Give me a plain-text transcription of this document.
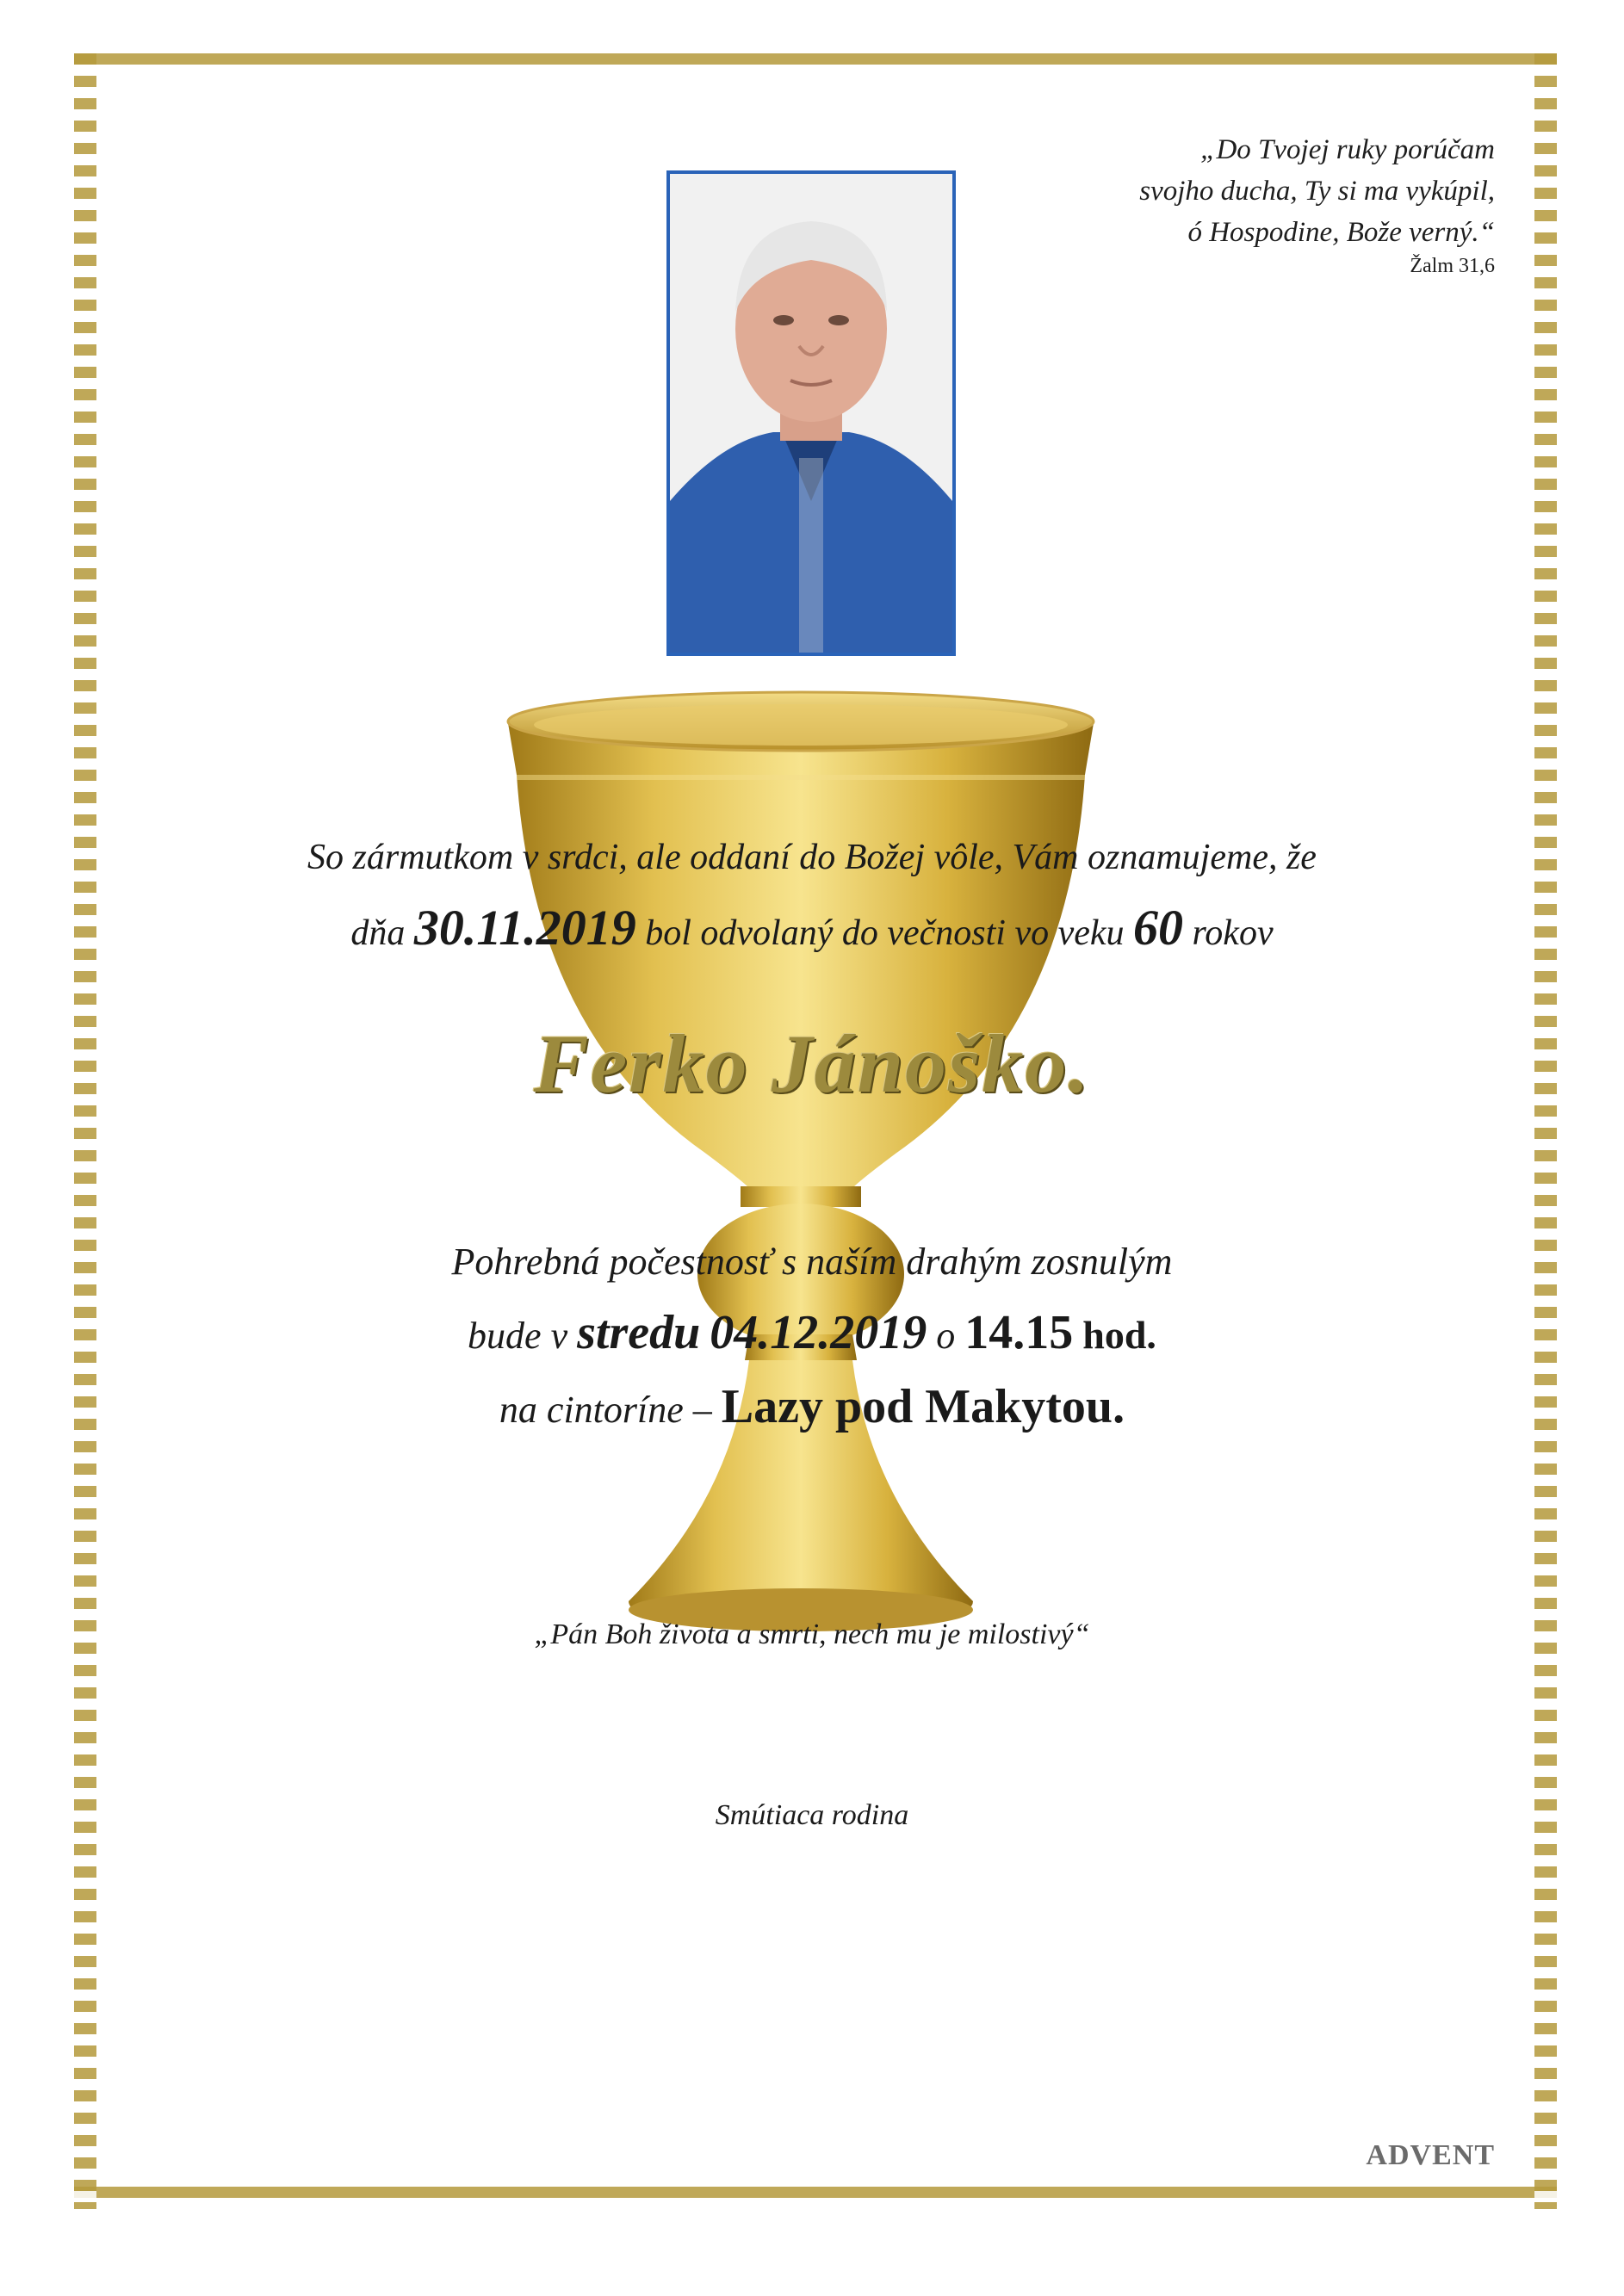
„Do Tvojej ruky porúčam
svojho ducha, Ty si ma vykúpil,
ó Hospodine, Bože verný.“
Žalm 31,6
So zármutkom v srdci, ale oddaní do Božej vôle, Vám oznamujeme, že
dňa 30.11.2019 bol odvolaný do večnosti vo veku 60 rokov
Ferko Jánoško.
Pohrebná počestnosť s naším drahým zosnulým
bude v stredu 04.12.2019 o 14.15 hod.
na cintoríne – Lazy pod Makytou.
„Pán Boh života a smrti, nech mu je milostivý“
Smútiaca rodina
ADVENT
